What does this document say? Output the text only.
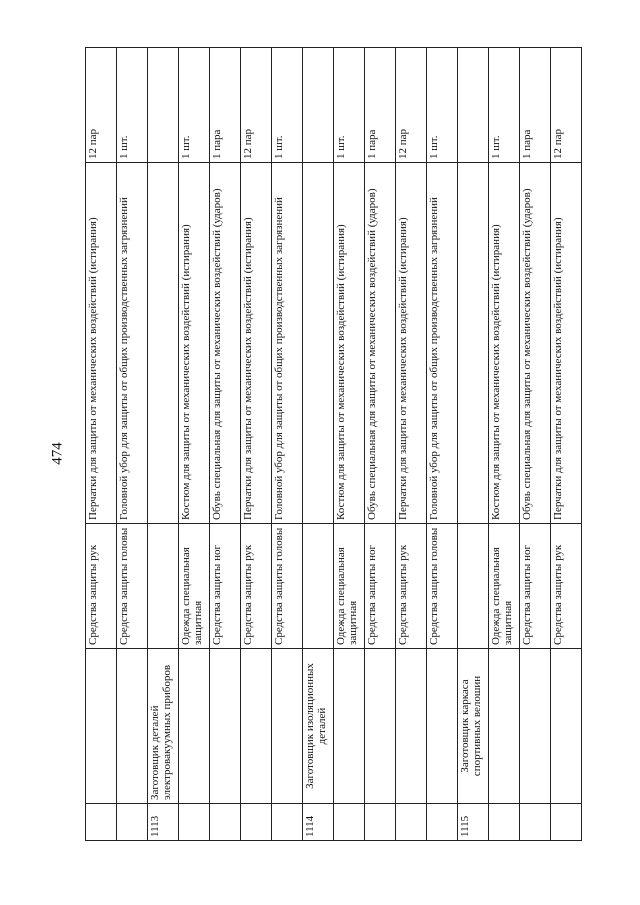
474
		Средства защиты рук	Перчатки для защиты от механических воздействий (истирания)	12 пар
		Средства защиты головы	Головной убор для защиты от общих производственных загрязнений	1 шт.
1113	Заготовщик деталей электровакуумных приборов			
		Одежда специальная защитная	Костюм для защиты от механических воздействий (истирания)	1 шт.
		Средства защиты ног	Обувь специальная для защиты от механических воздействий (ударов)	1 пара
		Средства защиты рук	Перчатки для защиты от механических воздействий (истирания)	12 пар
		Средства защиты головы	Головной убор для защиты от общих производственных загрязнений	1 шт.
1114	Заготовщик изоляционных деталей			

		Одежда специальная защитная	Костюм для защиты от механических воздействий (истирания)	1 шт.
		Средства защиты ног	Обувь специальная для защиты от механических воздействий (ударов)	1 пара
		Средства защиты рук	Перчатки для защиты от механических воздействий (истирания)	12 пар
		Средства защиты головы	Головной убор для защиты от общих производственных загрязнений	1 шт.
1115	Заготовщик каркаса спортивных велошин			

		Одежда специальная защитная	Костюм для защиты от механических воздействий (истирания)	1 шт.
		Средства защиты ног	Обувь специальная для защиты от механических воздействий (ударов)	1 пара
		Средства защиты рук	Перчатки для защиты от механических воздействий (истирания)	12 пар
